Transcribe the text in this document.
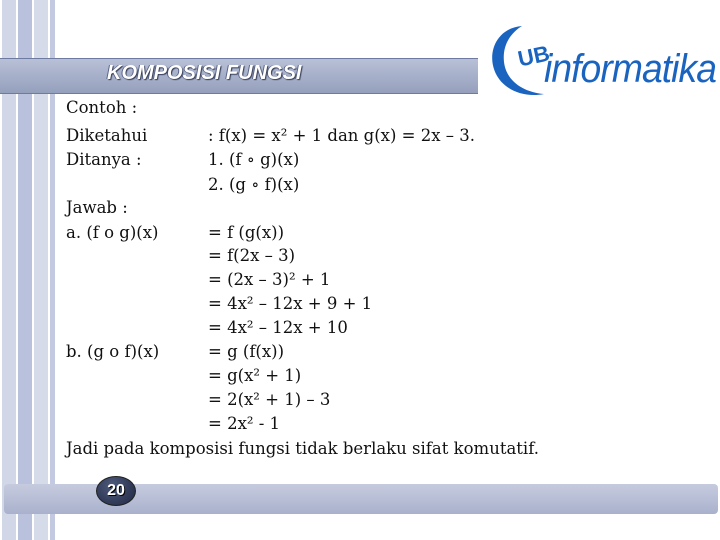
KOMPOSISI FUNGSI
UB
informatika
Contoh :
Diketahui	: f(x) = x² + 1 dan g(x) = 2x – 3.
Ditanya :	1. (f ∘ g)(x)
2. (g ∘ f)(x)
Jawab :
a. (f o g)(x)	= f (g(x))
= f(2x – 3)
= (2x – 3)² + 1
= 4x² – 12x + 9 + 1
= 4x² – 12x + 10
b. (g o f)(x)	= g (f(x))
= g(x² + 1)
= 2(x² + 1) – 3
= 2x² - 1
Jadi pada komposisi fungsi tidak berlaku sifat komutatif.
20
